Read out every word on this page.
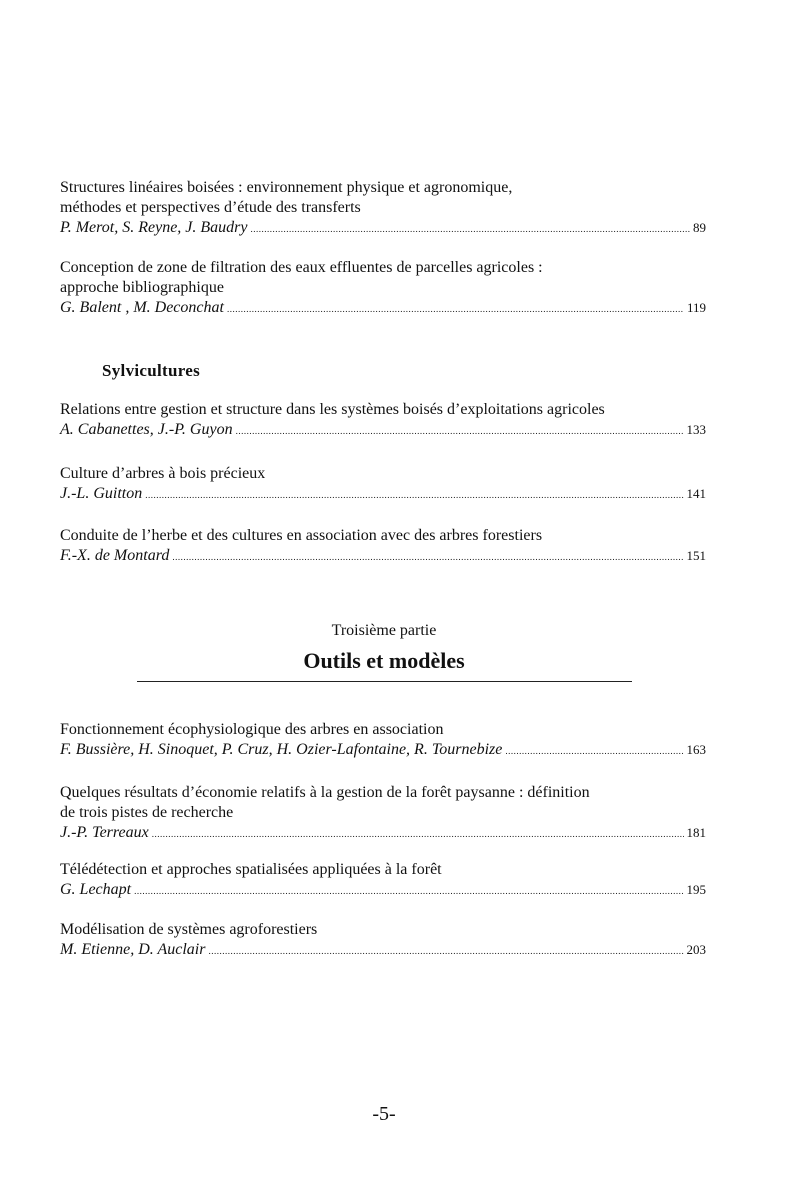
Structures linéaires boisées : environnement physique et agronomique,
méthodes et perspectives d’étude des transferts
P. Merot, S. Reyne, J. Baudry .....	89
Conception de zone de filtration des eaux effluentes de parcelles agricoles :
approche bibliographique
G. Balent , M. Deconchat .....	119
Relations entre gestion et structure dans les systèmes boisés d’exploitations agricoles
A. Cabanettes, J.-P. Guyon .....	133
Culture d’arbres à bois précieux
J.-L. Guitton .....	141
Conduite de l’herbe et des cultures en association avec des arbres forestiers
F.-X. de Montard .....	151
Fonctionnement écophysiologique des arbres en association
F. Bussière, H. Sinoquet, P. Cruz, H. Ozier-Lafontaine, R. Tournebize .....	163
Quelques résultats d’économie relatifs à la gestion de la forêt paysanne : définition
de trois pistes de recherche
J.-P. Terreaux .....	181
Télédétection et approches spatialisées appliquées à la forêt
G. Lechapt .....	195
Modélisation de systèmes agroforestiers
M. Etienne, D. Auclair .....	203
Sylvicultures
Troisième partie
Outils et modèles
-5-
